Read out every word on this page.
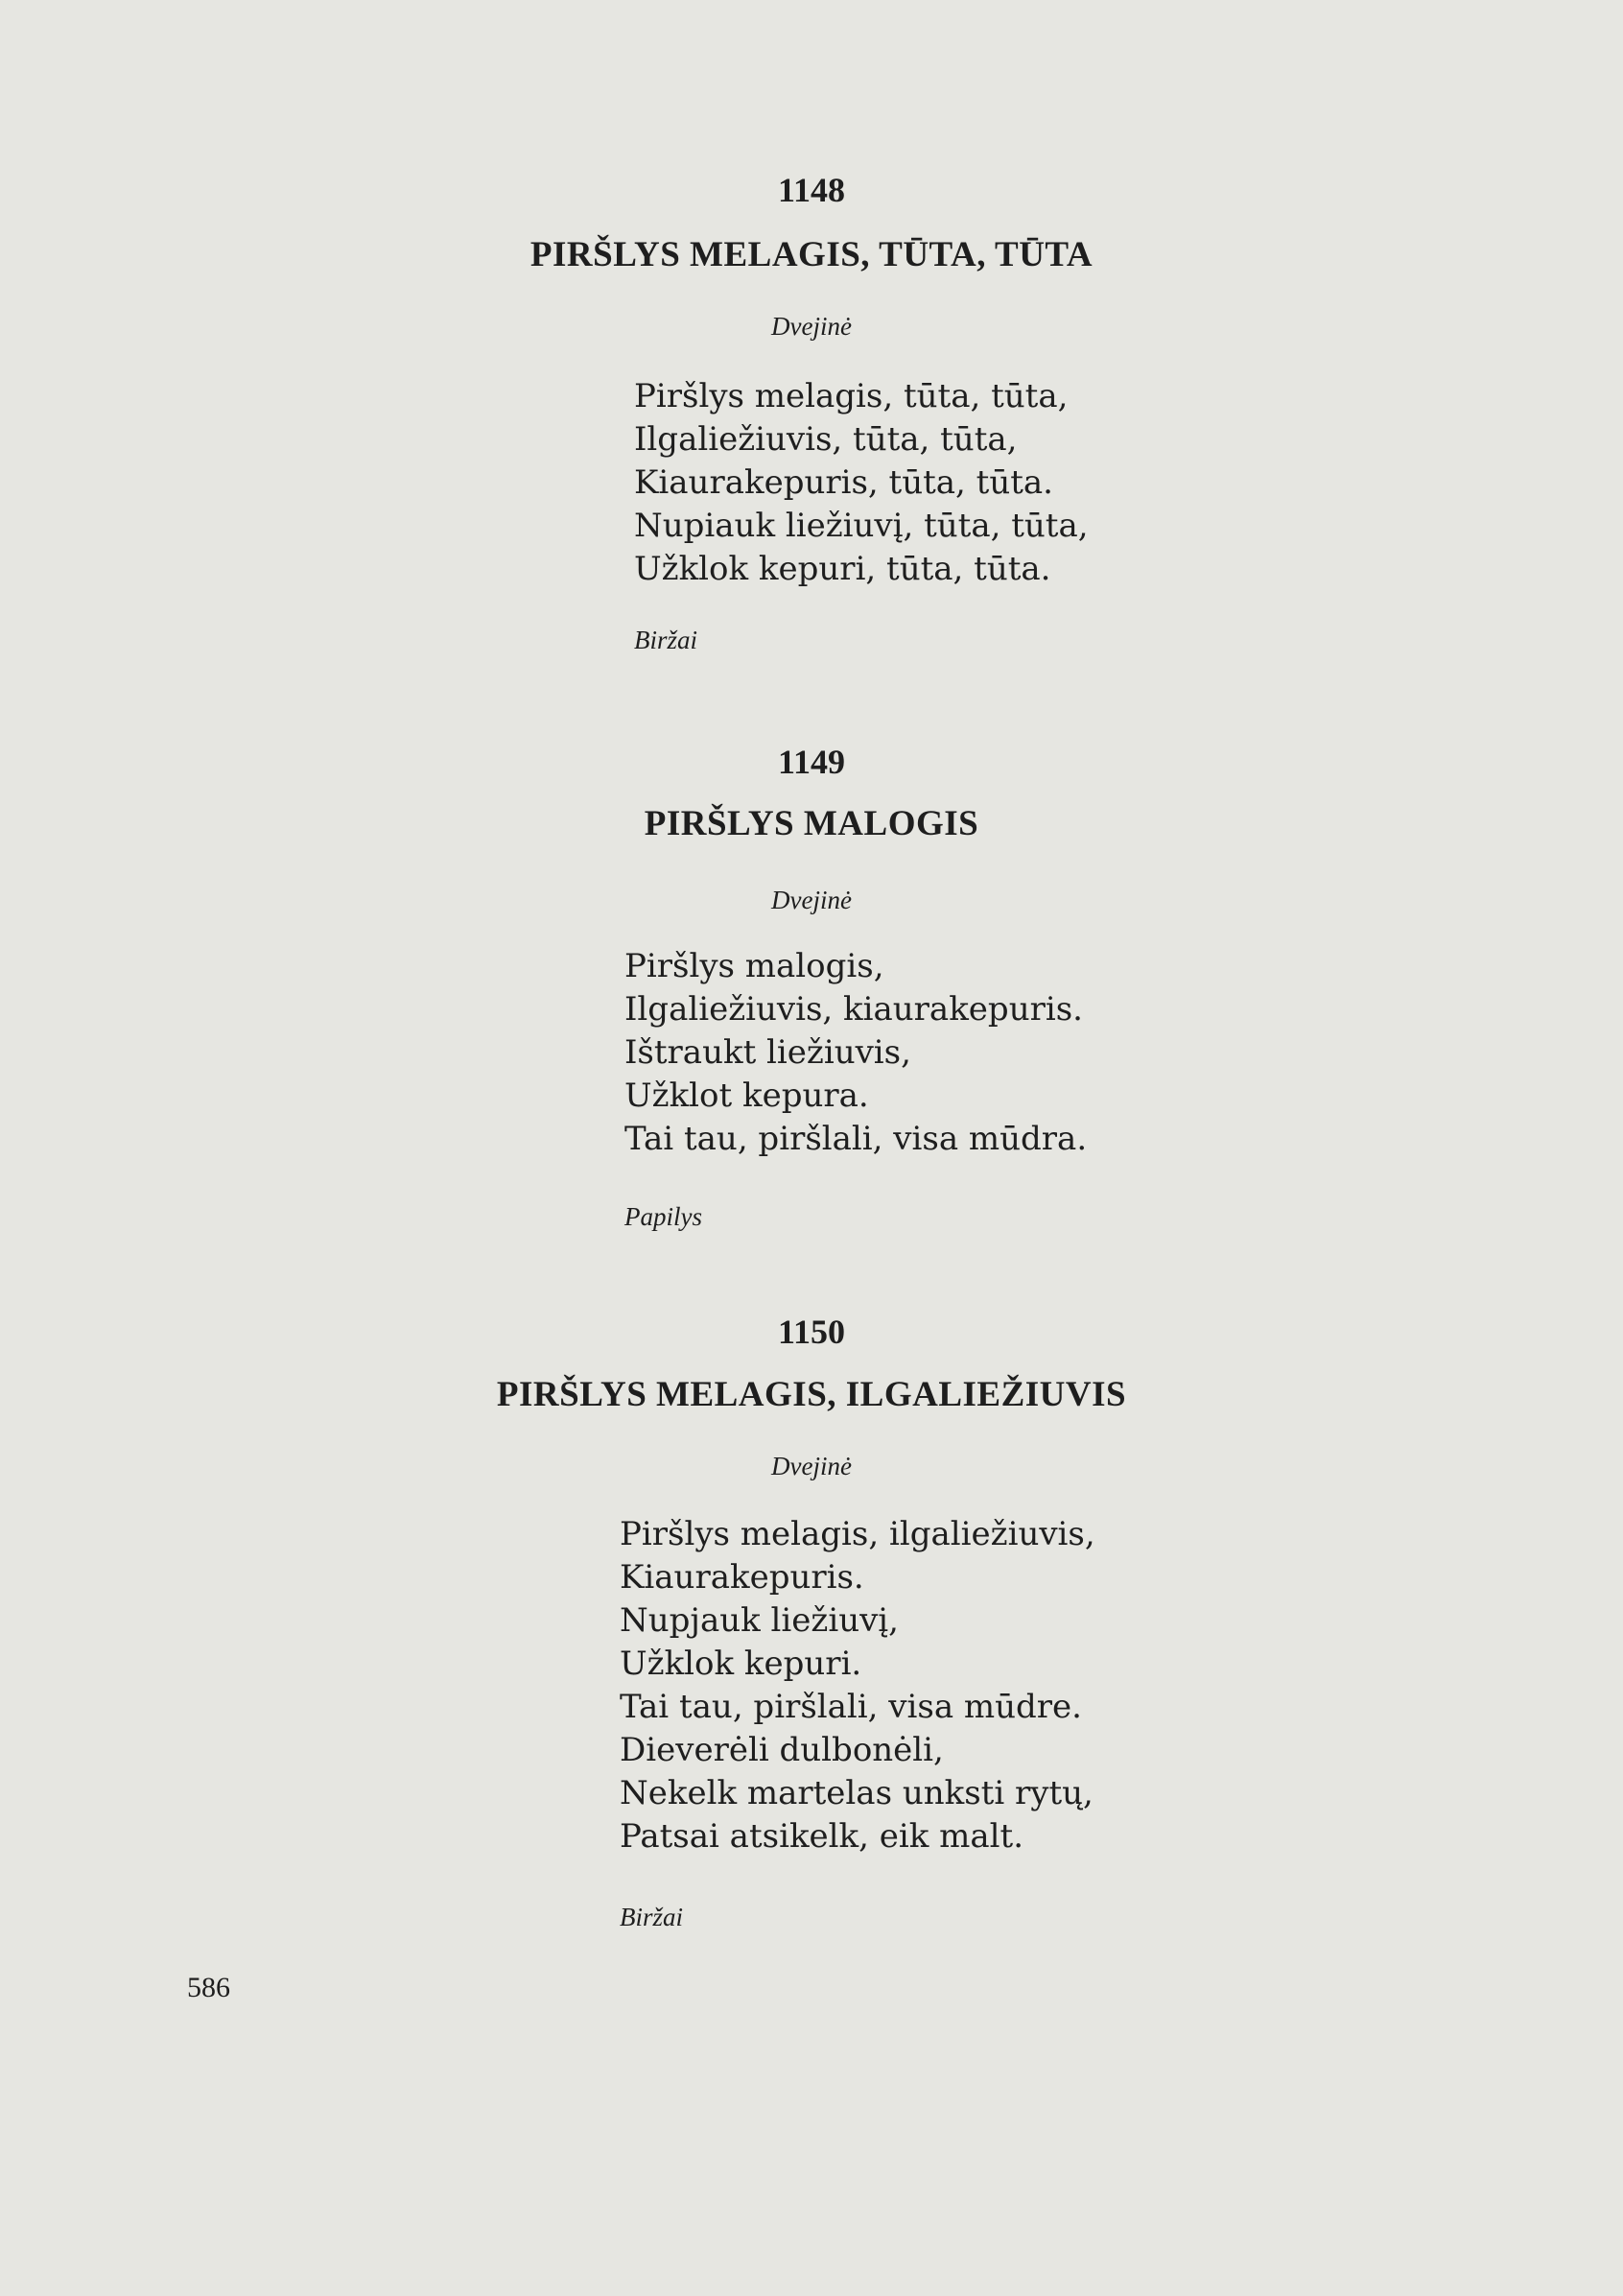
1148
PIRŠLYS MELAGIS, TŪTA, TŪTA
Dvejinė
Piršlys melagis, tūta, tūta,
Ilgaliežiuvis, tūta, tūta,
Kiaurakepuris, tūta, tūta.
Nupiauk liežiuvį, tūta, tūta,
Užklok kepuri, tūta, tūta.
Biržai
1149
PIRŠLYS MALOGIS
Dvejinė
Piršlys malogis,
Ilgaliežiuvis, kiaurakepuris.
Ištraukt liežiuvis,
Užklot kepura.
Tai tau, piršlali, visa mūdra.
Papilys
1150
PIRŠLYS MELAGIS, ILGALIEŽIUVIS
Dvejinė
Piršlys melagis, ilgaliežiuvis,
Kiaurakepuris.
Nupjauk liežiuvį,
Užklok kepuri.
Tai tau, piršlali, visa mūdre.
Dieverėli dulbonėli,
Nekelk martelas unksti rytų,
Patsai atsikelk, eik malt.
Biržai
586
